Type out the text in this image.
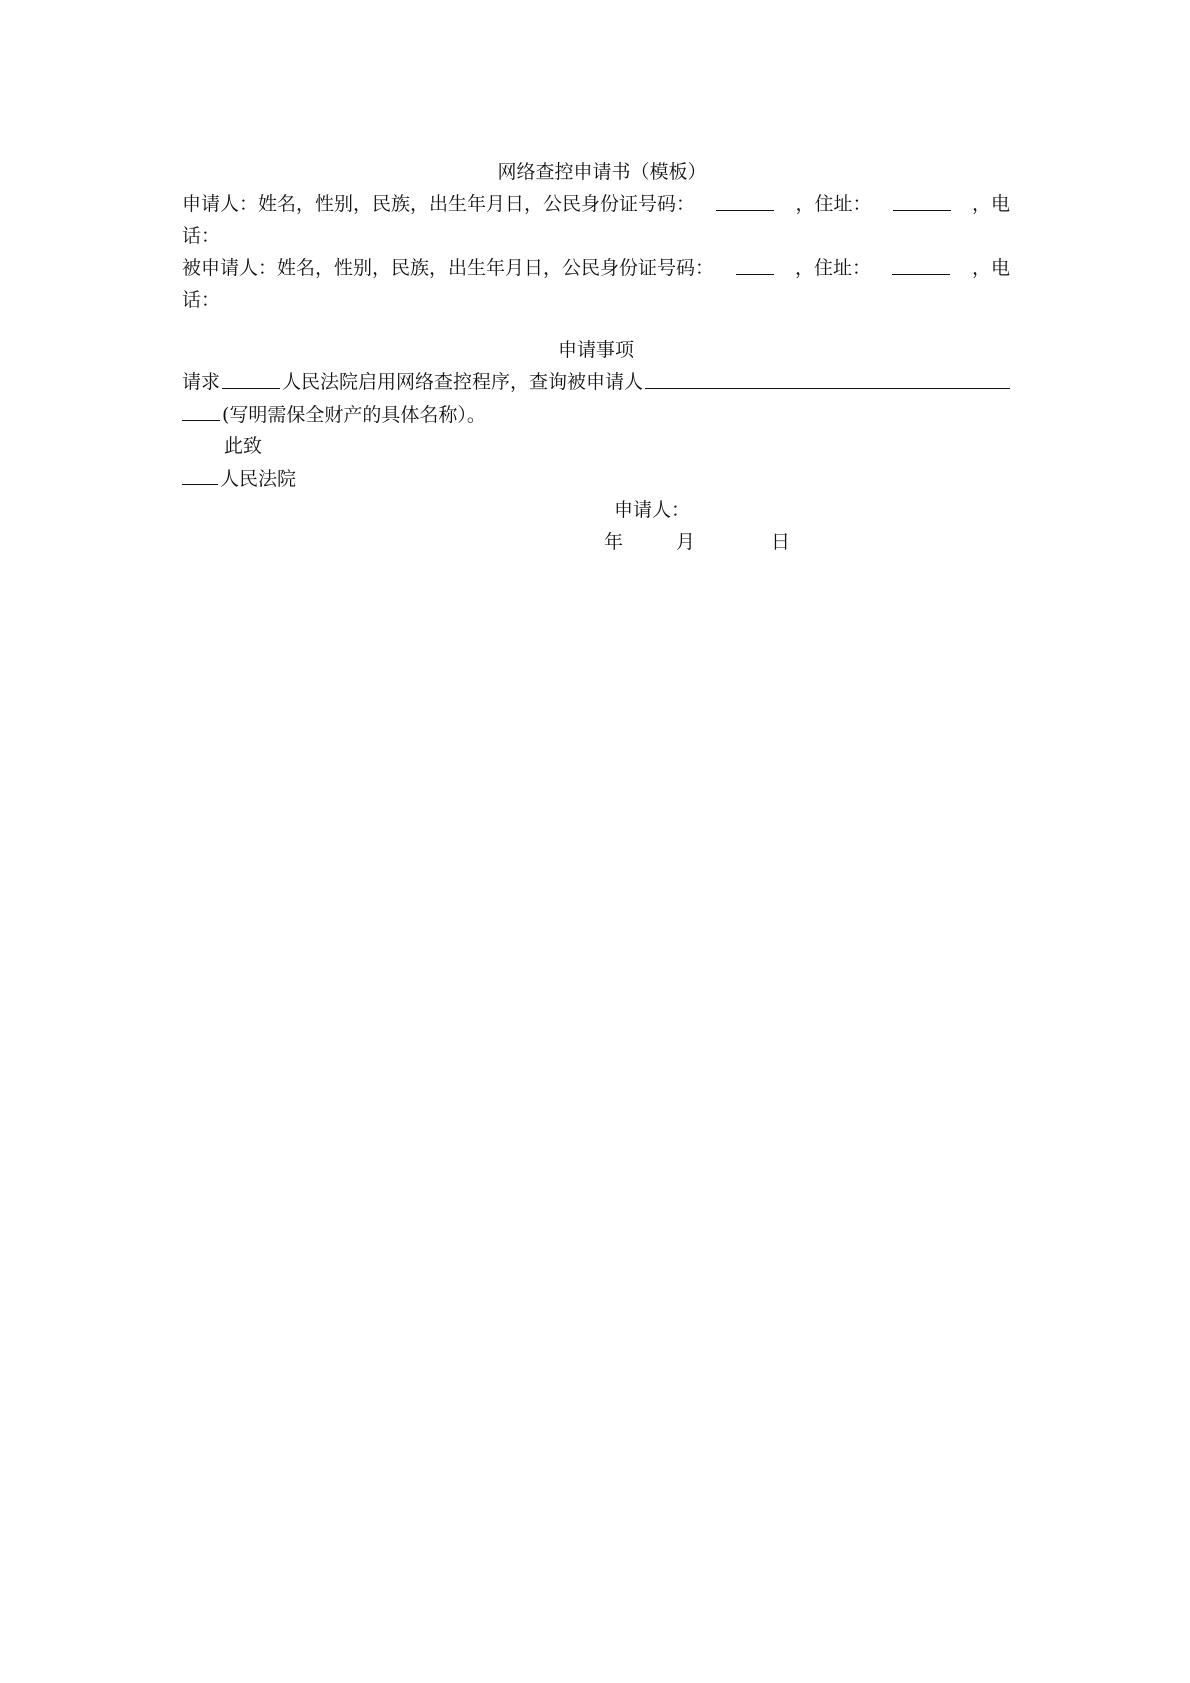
网络查控申请书（模板）
申请人：姓名，性别，民族，出生年月日，公民身份证号码：	，住址：	，电
话：
被申请人：姓名，性别，民族，出生年月日，公民身份证号码：	，住址：	，电
话：
申请事项
请求	人民法院启用网络查控程序，查询被申请人
(写明需保全财产的具体名称）。
此致
人民法院
申请人：
年	月	日
